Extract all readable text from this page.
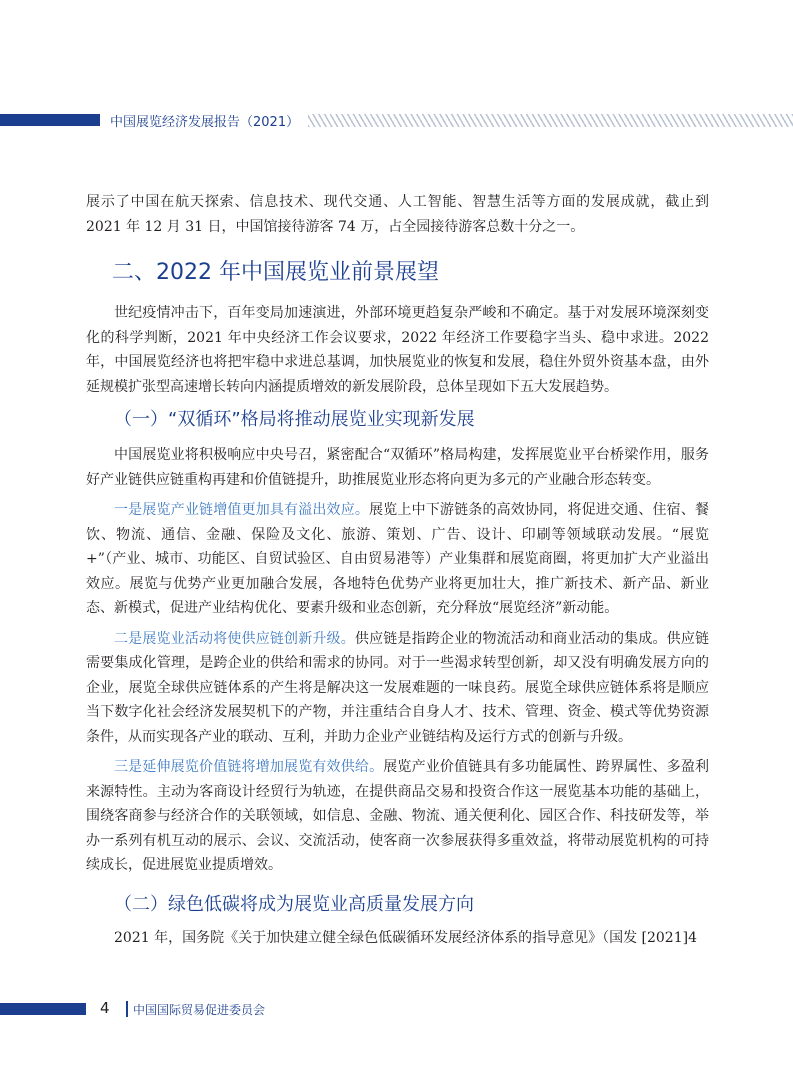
中国展览经济发展报告（2021）

展示了中国在航天探索、信息技术、现代交通、人工智能、智慧生活等方面的发展成就，截止到 2021 年 12 月 31 日，中国馆接待游客 74 万，占全园接待游客总数十分之一。

二、2022 年中国展览业前景展望

世纪疫情冲击下，百年变局加速演进，外部环境更趋复杂严峻和不确定。基于对发展环境深刻变化的科学判断，2021 年中央经济工作会议要求，2022 年经济工作要稳字当头、稳中求进。2022 年，中国展览经济也将把牢稳中求进总基调，加快展览业的恢复和发展，稳住外贸外资基本盘，由外延规模扩张型高速增长转向内涵提质增效的新发展阶段，总体呈现如下五大发展趋势。

（一）“双循环”格局将推动展览业实现新发展

中国展览业将积极响应中央号召，紧密配合“双循环”格局构建，发挥展览业平台桥梁作用，服务好产业链供应链重构再建和价值链提升，助推展览业形态将向更为多元的产业融合形态转变。

一是展览产业链增值更加具有溢出效应。展览上中下游链条的高效协同，将促进交通、住宿、餐饮、物流、通信、金融、保险及文化、旅游、策划、广告、设计、印刷等领域联动发展。“展览 +”（产业、城市、功能区、自贸试验区、自由贸易港等）产业集群和展览商圈，将更加扩大产业溢出效应。展览与优势产业更加融合发展，各地特色优势产业将更加壮大，推广新技术、新产品、新业态、新模式，促进产业结构优化、要素升级和业态创新，充分释放“展览经济”新动能。

二是展览业活动将使供应链创新升级。供应链是指跨企业的物流活动和商业活动的集成。供应链需要集成化管理，是跨企业的供给和需求的协同。对于一些渴求转型创新，却又没有明确发展方向的企业，展览全球供应链体系的产生将是解决这一发展难题的一味良药。展览全球供应链体系将是顺应当下数字化社会经济发展契机下的产物，并注重结合自身人才、技术、管理、资金、模式等优势资源条件，从而实现各产业的联动、互利，并助力企业产业链结构及运行方式的创新与升级。

三是延伸展览价值链将增加展览有效供给。展览产业价值链具有多功能属性、跨界属性、多盈利来源特性。主动为客商设计经贸行为轨迹，在提供商品交易和投资合作这一展览基本功能的基础上，围绕客商参与经济合作的关联领域，如信息、金融、物流、通关便利化、园区合作、科技研发等，举办一系列有机互动的展示、会议、交流活动，使客商一次参展获得多重效益，将带动展览机构的可持续成长，促进展览业提质增效。

（二）绿色低碳将成为展览业高质量发展方向

2021 年，国务院《关于加快建立健全绿色低碳循环发展经济体系的指导意见》（国发 [2021]4

4 中国国际贸易促进委员会
